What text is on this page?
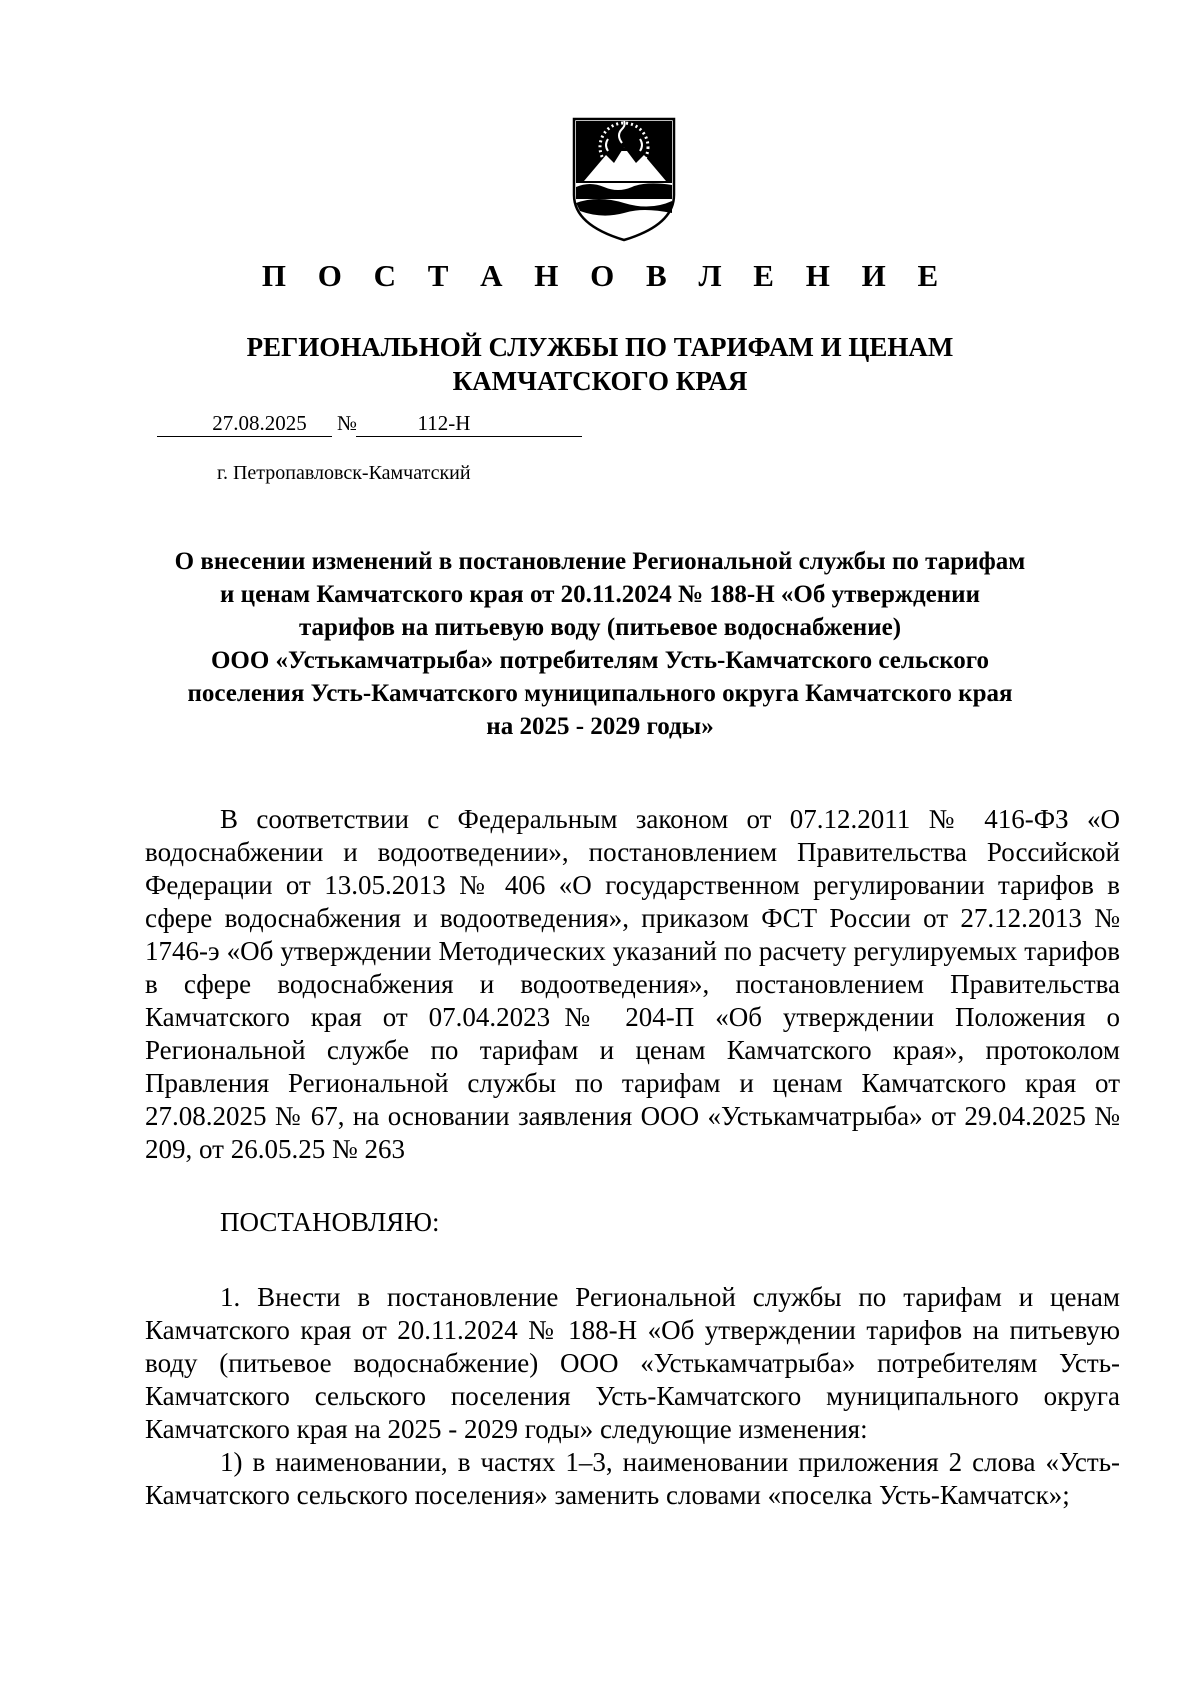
П О С Т А Н О В Л Е Н И Е
РЕГИОНАЛЬНОЙ СЛУЖБЫ ПО ТАРИФАМ И ЦЕНАМ
КАМЧАТСКОГО КРАЯ
27.08.2025	№	112-Н
г. Петропавловск-Камчатский
О внесении изменений в постановление Региональной службы по тарифам
и ценам Камчатского края от 20.11.2024 № 188-Н «Об утверждении
тарифов на питьевую воду (питьевое водоснабжение)
ООО «Устькамчатрыба» потребителям Усть-Камчатского сельского
поселения Усть-Камчатского муниципального округа Камчатского края
на 2025 - 2029 годы»

В соответствии с Федеральным законом от 07.12.2011 № 416-ФЗ «О водоснабжении и водоотведении», постановлением Правительства Российской Федерации от 13.05.2013 № 406 «О государственном регулировании тарифов в сфере водоснабжения и водоотведения», приказом ФСТ России от 27.12.2013 № 1746-э «Об утверждении Методических указаний по расчету регулируемых тарифов в сфере водоснабжения и водоотведения», постановлением Правительства Камчатского края от 07.04.2023№ 204-П «Об утверждении Положения о Региональной службе по тарифам и ценам Камчатского края», протоколом Правления Региональной службы по тарифам и ценам Камчатского края от 27.08.2025 № 67, на основании заявления ООО «Устькамчатрыба» от 29.04.2025 № 209, от 26.05.25 № 263

ПОСТАНОВЛЯЮ:

1. Внести в постановление Региональной службы по тарифам и ценам Камчатского края от 20.11.2024 № 188-Н «Об утверждении тарифов на питьевую воду (питьевое водоснабжение) ООО «Устькамчатрыба» потребителям Усть-Камчатского сельского поселения Усть-Камчатского муниципального округа Камчатского края на 2025 - 2029 годы» следующие изменения:

1) в наименовании, в частях 1–3, наименовании приложения 2 слова «Усть-Камчатского сельского поселения» заменить словами «поселка Усть-Камчатск»;
